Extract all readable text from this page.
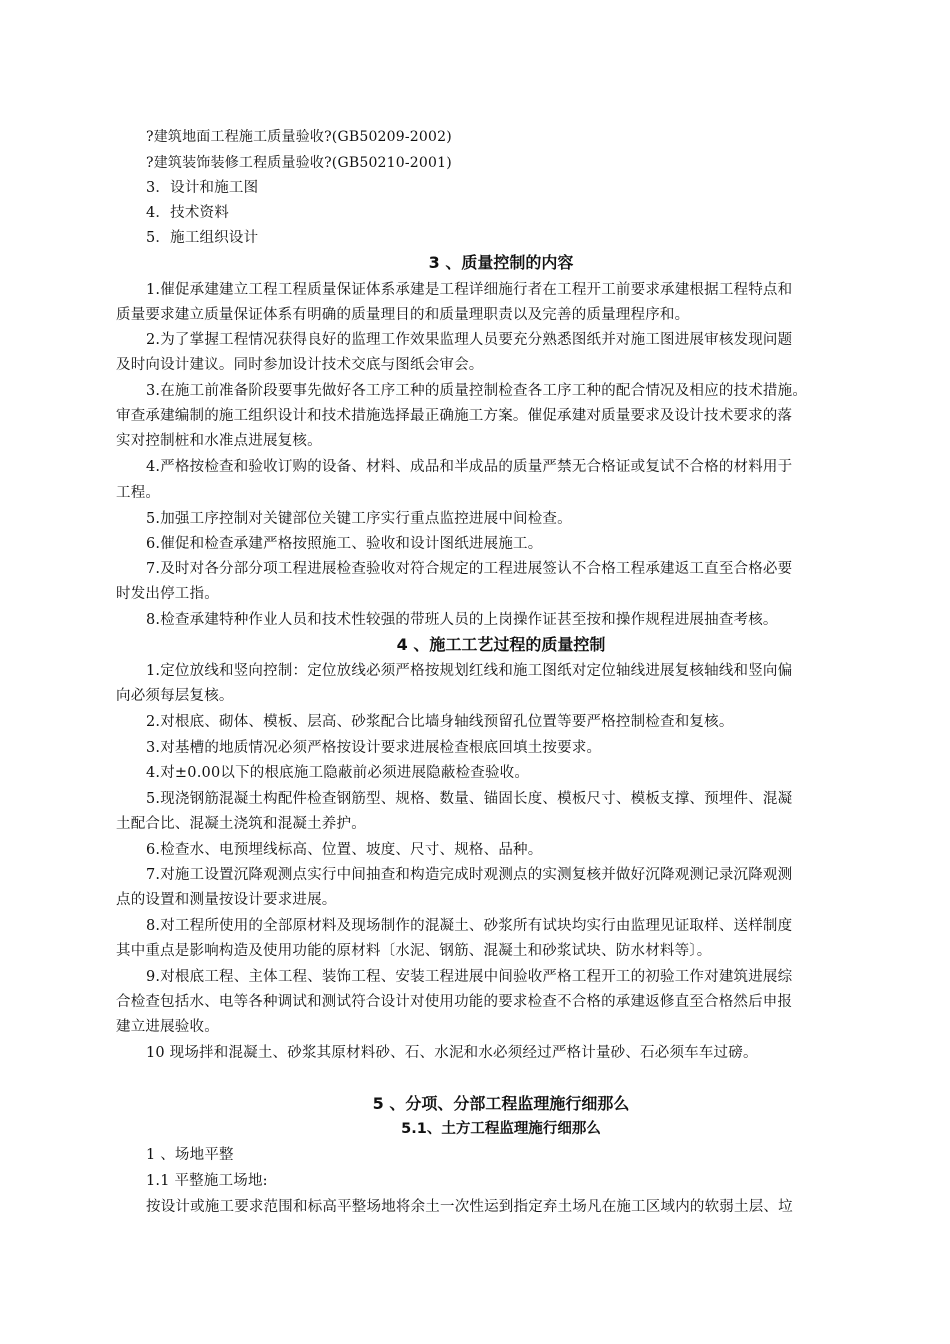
?建筑地面工程施工质量验收?(GB50209-2002)
?建筑装饰装修工程质量验收?(GB50210-2001)
3．设计和施工图
4．技术资料
5．施工组织设计
3 、质量控制的内容
1.催促承建建立工程工程质量保证体系承建是工程详细施行者在工程开工前要求承建根据工程特点和
质量要求建立质量保证体系有明确的质量理目的和质量理职责以及完善的质量理程序和。
2.为了掌握工程情况获得良好的监理工作效果监理人员要充分熟悉图纸并对施工图进展审核发现问题
及时向设计建议。同时参加设计技术交底与图纸会审会。
3.在施工前准备阶段要事先做好各工序工种的质量控制检查各工序工种的配合情况及相应的技术措施。
审查承建编制的施工组织设计和技术措施选择最正确施工方案。催促承建对质量要求及设计技术要求的落
实对控制桩和水准点进展复核。
4.严格按检查和验收订购的设备、材料、成品和半成品的质量严禁无合格证或复试不合格的材料用于
工程。
5.加强工序控制对关键部位关键工序实行重点监控进展中间检查。
6.催促和检查承建严格按照施工、验收和设计图纸进展施工。
7.及时对各分部分项工程进展检查验收对符合规定的工程进展签认不合格工程承建返工直至合格必要
时发出停工指。
8.检查承建特种作业人员和技术性较强的带班人员的上岗操作证甚至按和操作规程进展抽查考核。
4 、施工工艺过程的质量控制
1.定位放线和竖向控制：定位放线必须严格按规划红线和施工图纸对定位轴线进展复核轴线和竖向偏
向必须每层复核。
2.对根底、砌体、模板、层高、砂浆配合比墙身轴线预留孔位置等要严格控制检查和复核。
3.对基槽的地质情况必须严格按设计要求进展检查根底回填土按要求。
4.对±0.00以下的根底施工隐蔽前必须进展隐蔽检查验收。
5.现浇钢筋混凝土构配件检查钢筋型、规格、数量、锚固长度、模板尺寸、模板支撑、预埋件、混凝
土配合比、混凝土浇筑和混凝土养护。
6.检查水、电预埋线标高、位置、坡度、尺寸、规格、品种。
7.对施工设置沉降观测点实行中间抽查和构造完成时观测点的实测复核并做好沉降观测记录沉降观测
点的设置和测量按设计要求进展。
8.对工程所使用的全部原材料及现场制作的混凝土、砂浆所有试块均实行由监理见证取样、送样制度
其中重点是影响构造及使用功能的原材料〔水泥、钢筋、混凝土和砂浆试块、防水材料等〕。
9.对根底工程、主体工程、装饰工程、安装工程进展中间验收严格工程开工的初验工作对建筑进展综
合检查包括水、电等各种调试和测试符合设计对使用功能的要求检查不合格的承建返修直至合格然后申报
建立进展验收。
10 现场拌和混凝土、砂浆其原材料砂、石、水泥和水必须经过严格计量砂、石必须车车过磅。
5 、分项、分部工程监理施行细那么
5.1、土方工程监理施行细那么
1 、场地平整
1.1 平整施工场地:
按设计或施工要求范围和标高平整场地将余土一次性运到指定弃土场凡在施工区域内的软弱土层、垃
